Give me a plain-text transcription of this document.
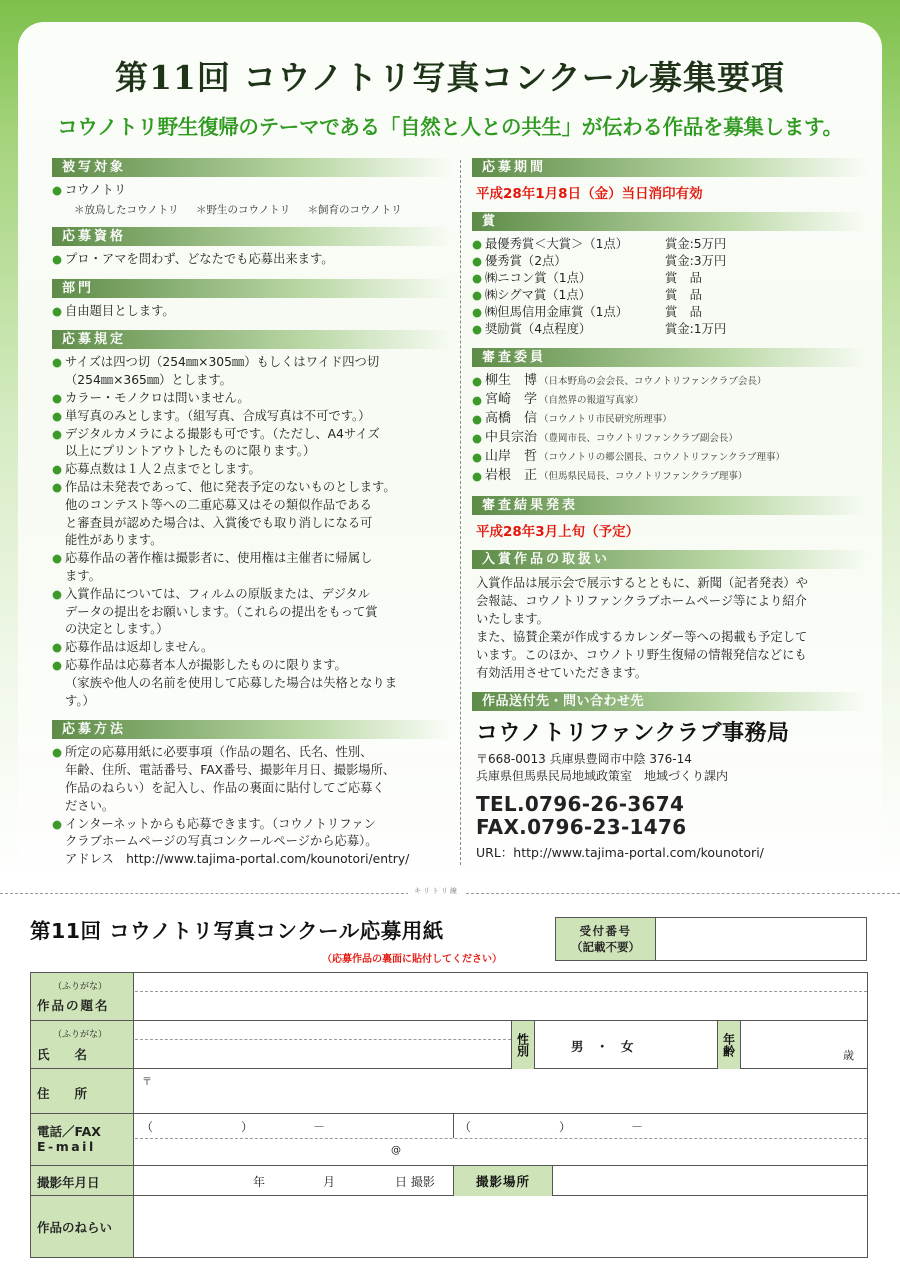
第11回 コウノトリ写真コンクール募集要項
コウノトリ野生復帰のテーマである「自然と人との共生」が伝わる作品を募集します。
被写対象
● コウノトリ
＊放鳥したコウノトリ ＊野生のコウノトリ ＊飼育のコウノトリ
応募資格
● プロ・アマを問わず、どなたでも応募出来ます。
部門
● 自由題目とします。
応募規定
● サイズは四つ切（254㎜×305㎜）もしくはワイド四つ切
（254㎜×365㎜）とします。
● カラー・モノクロは問いません。
● 単写真のみとします。（組写真、合成写真は不可です。）
● デジタルカメラによる撮影も可です。（ただし、A4サイズ
以上にプリントアウトしたものに限ります。）
● 応募点数は１人２点までとします。
● 作品は未発表であって、他に発表予定のないものとします。
他のコンテスト等への二重応募又はその類似作品である
と審査員が認めた場合は、入賞後でも取り消しになる可
能性があります。
● 応募作品の著作権は撮影者に、使用権は主催者に帰属し
ます。
● 入賞作品については、フィルムの原版または、デジタル
データの提出をお願いします。（これらの提出をもって賞
の決定とします。）
● 応募作品は返却しません。
● 応募作品は応募者本人が撮影したものに限ります。
（家族や他人の名前を使用して応募した場合は失格となりま
す。）
応募方法
● 所定の応募用紙に必要事項（作品の題名、氏名、性別、
年齢、住所、電話番号、FAX番号、撮影年月日、撮影場所、
作品のねらい）を記入し、作品の裏面に貼付してご応募く
ださい。
● インターネットからも応募できます。（コウノトリファン
クラブホームページの写真コンクールページから応募）。
アドレス　http://www.tajima-portal.com/kounotori/entry/
応募期間
平成28年1月8日（金）当日消印有効
賞
● 最優秀賞＜大賞＞（1点）	賞金:5万円
● 優秀賞（2点）	賞金:3万円
● ㈱ニコン賞（1点）	賞　品
● ㈱シグマ賞（1点）	賞　品
● ㈱但馬信用金庫賞（1点）	賞　品
● 奨励賞（4点程度）	賞金:1万円
審査委員
● 柳生　博 （日本野鳥の会会長、コウノトリファンクラブ会長）
● 宮崎　学 （自然界の報道写真家）
● 高橋　信 （コウノトリ市民研究所理事）
● 中貝宗治 （豊岡市長、コウノトリファンクラブ副会長）
● 山岸　哲 （コウノトリの郷公園長、コウノトリファンクラブ理事）
● 岩根　正 （但馬県民局長、コウノトリファンクラブ理事）
審査結果発表
平成28年3月上旬（予定）
入賞作品の取扱い
入賞作品は展示会で展示するとともに、新聞（記者発表）や
会報誌、コウノトリファンクラブホームページ等により紹介
いたします。
また、協賛企業が作成するカレンダー等への掲載も予定して
います。このほか、コウノトリ野生復帰の情報発信などにも
有効活用させていただきます。
作品送付先・問い合わせ先
コウノトリファンクラブ事務局
〒668-0013 兵庫県豊岡市中陰 376-14
兵庫県但馬県民局地域政策室　地域づくり課内
TEL.0796-26-3674
FAX.0796-23-1476
URL：http://www.tajima-portal.com/kounotori/
キリトリ線
第11回 コウノトリ写真コンクール応募用紙
（応募作品の裏面に貼付してください）
受付番号
（記載不要）
（ふりがな）
作品の題名
（ふりがな）
氏　　名	性別	男　・　女	年齢	歳
住　　所
〒
電話／FAX
E-mail
（	）	－	（	）	－
@
撮影年月日	年	月	日 撮影	撮影場所
作品のねらい
